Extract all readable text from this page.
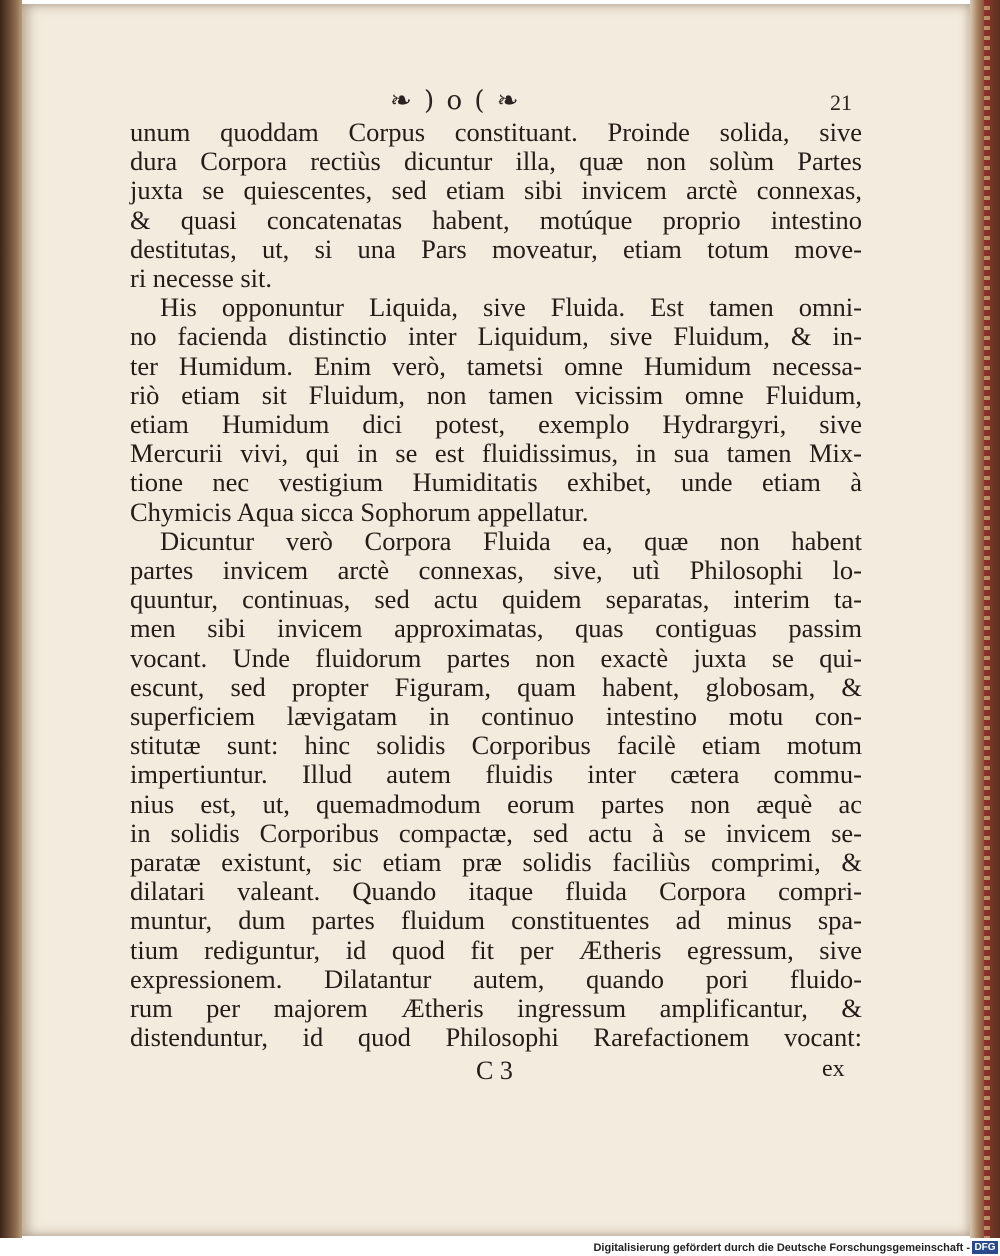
❧ ) o ( ❧	21
unum quoddam Corpus constituant. Proinde solida, sive
dura Corpora rectiùs dicuntur illa, quæ non solùm Partes
juxta se quiescentes, sed etiam sibi invicem arctè connexas,
& quasi concatenatas habent, motúque proprio intestino
destitutas, ut, si una Pars moveatur, etiam totum move-
ri necesse sit.
His opponuntur Liquida, sive Fluida. Est tamen omni-
no facienda distinctio inter Liquidum, sive Fluidum, & in-
ter Humidum. Enim verò, tametsi omne Humidum necessa-
riò etiam sit Fluidum, non tamen vicissim omne Fluidum,
etiam Humidum dici potest, exemplo Hydrargyri, sive
Mercurii vivi, qui in se est fluidissimus, in sua tamen Mix-
tione nec vestigium Humiditatis exhibet, unde etiam à
Chymicis Aqua sicca Sophorum appellatur.
Dicuntur verò Corpora Fluida ea, quæ non habent
partes invicem arctè connexas, sive, utì Philosophi lo-
quuntur, continuas, sed actu quidem separatas, interim ta-
men sibi invicem approximatas, quas contiguas passim
vocant. Unde fluidorum partes non exactè juxta se qui-
escunt, sed propter Figuram, quam habent, globosam, &
superficiem lævigatam in continuo intestino motu con-
stitutæ sunt: hinc solidis Corporibus facilè etiam motum
impertiuntur. Illud autem fluidis inter cætera commu-
nius est, ut, quemadmodum eorum partes non æquè ac
in solidis Corporibus compactæ, sed actu à se invicem se-
paratæ existunt, sic etiam præ solidis faciliùs comprimi, &
dilatari valeant. Quando itaque fluida Corpora compri-
muntur, dum partes fluidum constituentes ad minus spa-
tium rediguntur, id quod fit per Ætheris egressum, sive
expressionem. Dilatantur autem, quando pori fluido-
rum per majorem Ætheris ingressum amplificantur, &
distenduntur, id quod Philosophi Rarefactionem vocant:
C 3	ex
Digitalisierung gefördert durch die Deutsche Forschungsgemeinschaft - DFG
